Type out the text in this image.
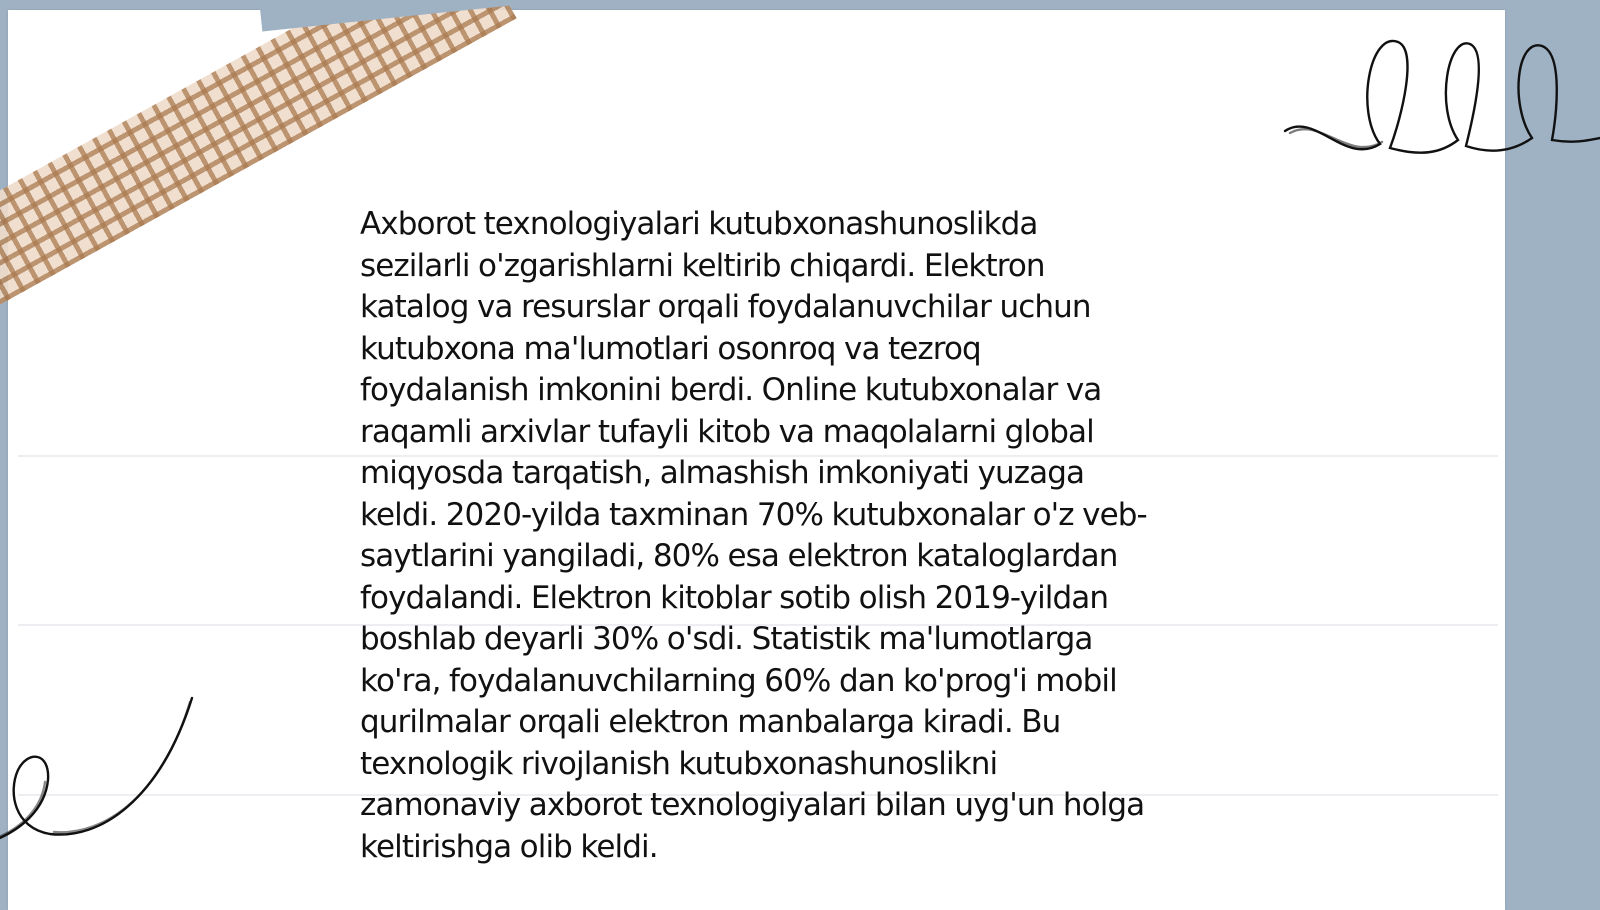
Axborot texnologiyalari kutubxonashunoslikda
sezilarli o'zgarishlarni keltirib chiqardi. Elektron
katalog va resurslar orqali foydalanuvchilar uchun
kutubxona ma'lumotlari osonroq va tezroq
foydalanish imkonini berdi. Online kutubxonalar va
raqamli arxivlar tufayli kitob va maqolalarni global
miqyosda tarqatish, almashish imkoniyati yuzaga
keldi. 2020-yilda taxminan 70% kutubxonalar o'z veb-
saytlarini yangiladi, 80% esa elektron kataloglardan
foydalandi. Elektron kitoblar sotib olish 2019-yildan
boshlab deyarli 30% o'sdi. Statistik ma'lumotlarga
ko'ra, foydalanuvchilarning 60% dan ko'prog'i mobil
qurilmalar orqali elektron manbalarga kiradi. Bu
texnologik rivojlanish kutubxonashunoslikni
zamonaviy axborot texnologiyalari bilan uyg'un holga
keltirishga olib keldi.
